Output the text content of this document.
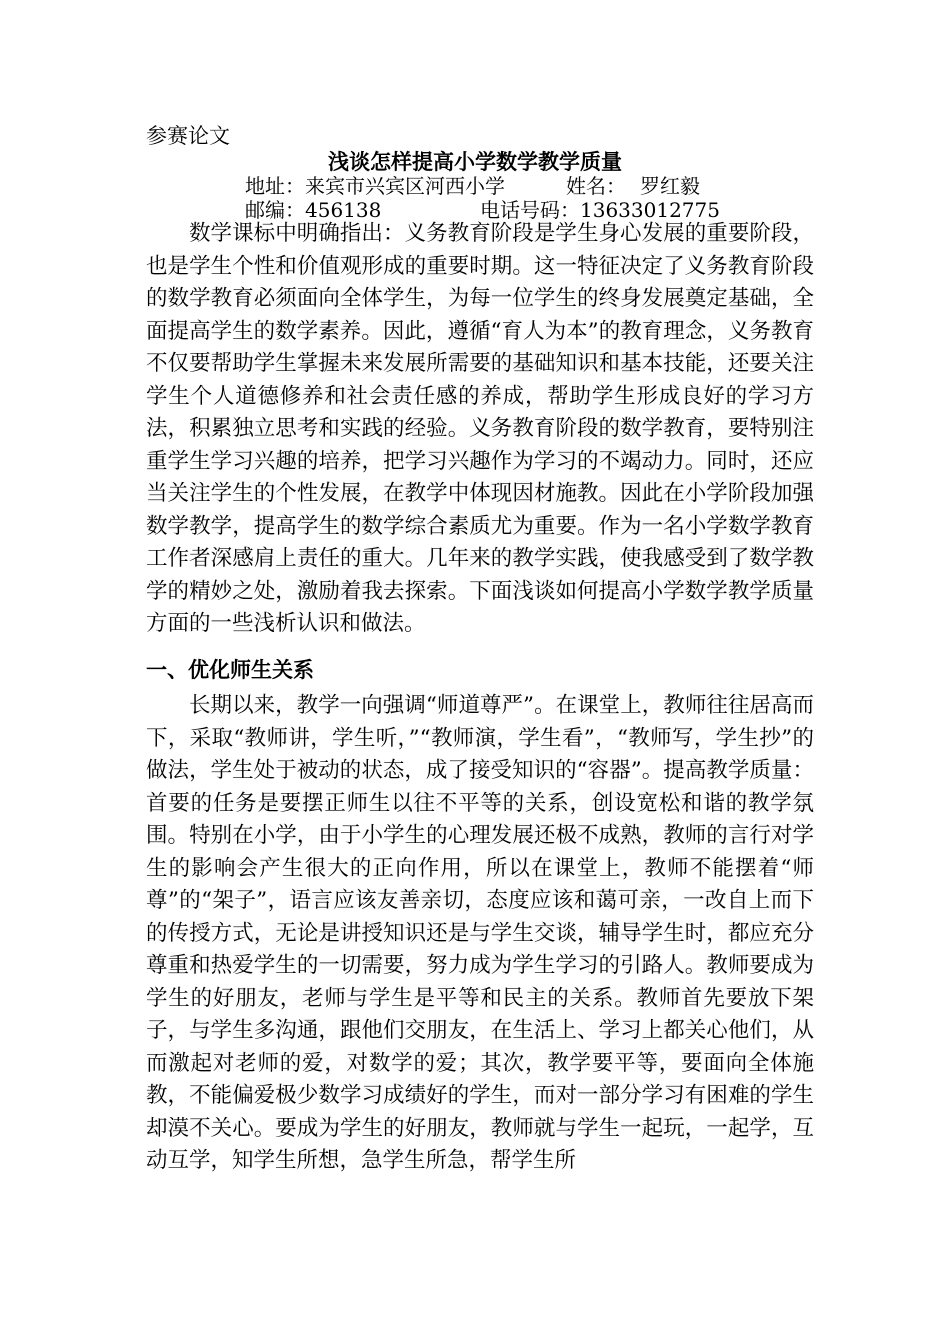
参赛论文
浅谈怎样提高小学数学教学质量
地址：来宾市兴宾区河西小学	姓名： 罗红毅
邮编：456138	电话号码：13633012775

数学课标中明确指出：义务教育阶段是学生身心发展的重要阶段，也是学生个性和价值观形成的重要时期。这一特征决定了义务教育阶段的数学教育必须面向全体学生，为每一位学生的终身发展奠定基础，全面提高学生的数学素养。因此，遵循“育人为本”的教育理念，义务教育不仅要帮助学生掌握未来发展所需要的基础知识和基本技能，还要关注学生个人道德修养和社会责任感的养成，帮助学生形成良好的学习方法，积累独立思考和实践的经验。义务教育阶段的数学教育，要特别注重学生学习兴趣的培养，把学习兴趣作为学习的不竭动力。同时，还应当关注学生的个性发展，在教学中体现因材施教。因此在小学阶段加强数学教学，提高学生的数学综合素质尤为重要。作为一名小学数学教育工作者深感肩上责任的重大。几年来的教学实践，使我感受到了数学教学的精妙之处，激励着我去探索。下面浅谈如何提高小学数学教学质量方面的一些浅析认识和做法。

一、优化师生关系

长期以来，教学一向强调“师道尊严”。在课堂上，教师往往居高而下，采取“教师讲，学生听，”“教师演，学生看”，“教师写，学生抄”的做法，学生处于被动的状态，成了接受知识的“容器”。提高教学质量：首要的任务是要摆正师生以往不平等的关系，创设宽松和谐的教学氛围。特别在小学，由于小学生的心理发展还极不成熟，教师的言行对学生的影响会产生很大的正向作用，所以在课堂上，教师不能摆着“师尊”的“架子”，语言应该友善亲切，态度应该和蔼可亲，一改自上而下的传授方式，无论是讲授知识还是与学生交谈，辅导学生时，都应充分尊重和热爱学生的一切需要，努力成为学生学习的引路人。教师要成为学生的好朋友，老师与学生是平等和民主的关系。教师首先要放下架子，与学生多沟通，跟他们交朋友，在生活上、学习上都关心他们，从而激起对老师的爱，对数学的爱；其次，教学要平等，要面向全体施教，不能偏爱极少数学习成绩好的学生，而对一部分学习有困难的学生却漠不关心。要成为学生的好朋友，教师就与学生一起玩，一起学，互动互学，知学生所想，急学生所急，帮学生所
